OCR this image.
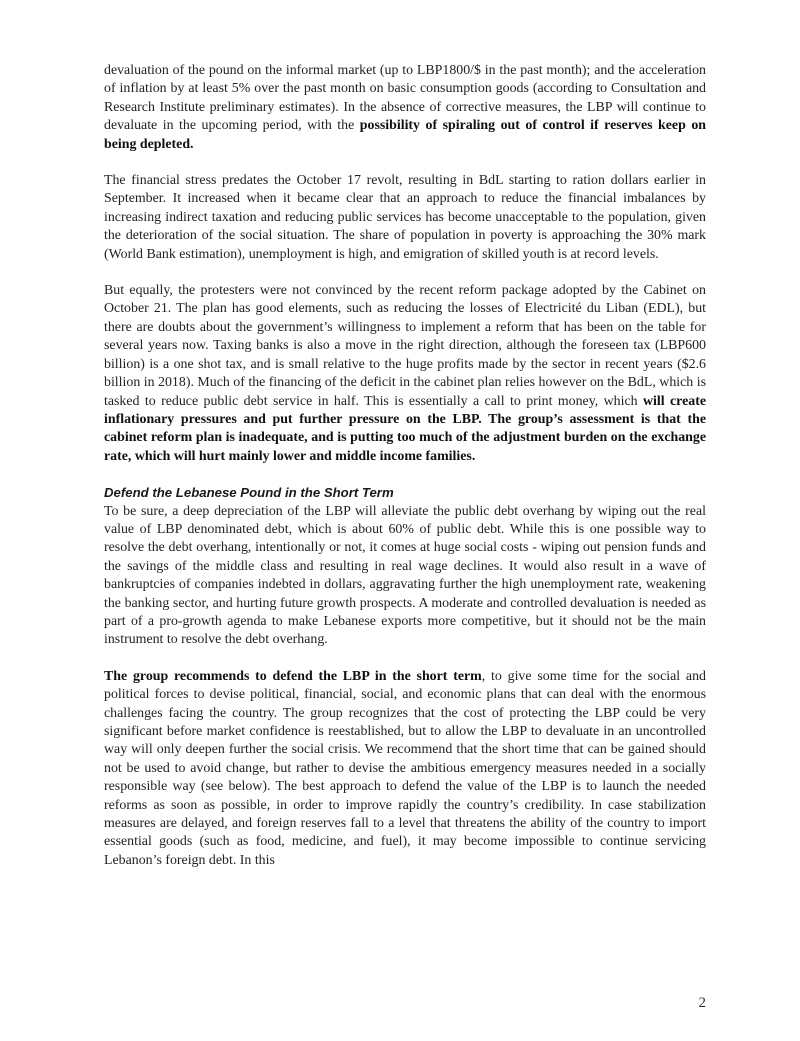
devaluation of the pound on the informal market (up to LBP1800/$ in the past month); and the acceleration of inflation by at least 5% over the past month on basic consumption goods (according to Consultation and Research Institute preliminary estimates). In the absence of corrective measures, the LBP will continue to devaluate in the upcoming period, with the possibility of spiraling out of control if reserves keep on being depleted.

The financial stress predates the October 17 revolt, resulting in BdL starting to ration dollars earlier in September. It increased when it became clear that an approach to reduce the financial imbalances by increasing indirect taxation and reducing public services has become unacceptable to the population, given the deterioration of the social situation. The share of population in poverty is approaching the 30% mark (World Bank estimation), unemployment is high, and emigration of skilled youth is at record levels.

But equally, the protesters were not convinced by the recent reform package adopted by the Cabinet on October 21. The plan has good elements, such as reducing the losses of Electricité du Liban (EDL), but there are doubts about the government’s willingness to implement a reform that has been on the table for several years now. Taxing banks is also a move in the right direction, although the foreseen tax (LBP600 billion) is a one shot tax, and is small relative to the huge profits made by the sector in recent years ($2.6 billion in 2018). Much of the financing of the deficit in the cabinet plan relies however on the BdL, which is tasked to reduce public debt service in half. This is essentially a call to print money, which will create inflationary pressures and put further pressure on the LBP. The group’s assessment is that the cabinet reform plan is inadequate, and is putting too much of the adjustment burden on the exchange rate, which will hurt mainly lower and middle income families.

Defend the Lebanese Pound in the Short Term

To be sure, a deep depreciation of the LBP will alleviate the public debt overhang by wiping out the real value of LBP denominated debt, which is about 60% of public debt. While this is one possible way to resolve the debt overhang, intentionally or not, it comes at huge social costs - wiping out pension funds and the savings of the middle class and resulting in real wage declines. It would also result in a wave of bankruptcies of companies indebted in dollars, aggravating further the high unemployment rate, weakening the banking sector, and hurting future growth prospects. A moderate and controlled devaluation is needed as part of a pro-growth agenda to make Lebanese exports more competitive, but it should not be the main instrument to resolve the debt overhang.

The group recommends to defend the LBP in the short term, to give some time for the social and political forces to devise political, financial, social, and economic plans that can deal with the enormous challenges facing the country. The group recognizes that the cost of protecting the LBP could be very significant before market confidence is reestablished, but to allow the LBP to devaluate in an uncontrolled way will only deepen further the social crisis. We recommend that the short time that can be gained should not be used to avoid change, but rather to devise the ambitious emergency measures needed in a socially responsible way (see below). The best approach to defend the value of the LBP is to launch the needed reforms as soon as possible, in order to improve rapidly the country’s credibility. In case stabilization measures are delayed, and foreign reserves fall to a level that threatens the ability of the country to import essential goods (such as food, medicine, and fuel), it may become impossible to continue servicing Lebanon’s foreign debt. In this

2
